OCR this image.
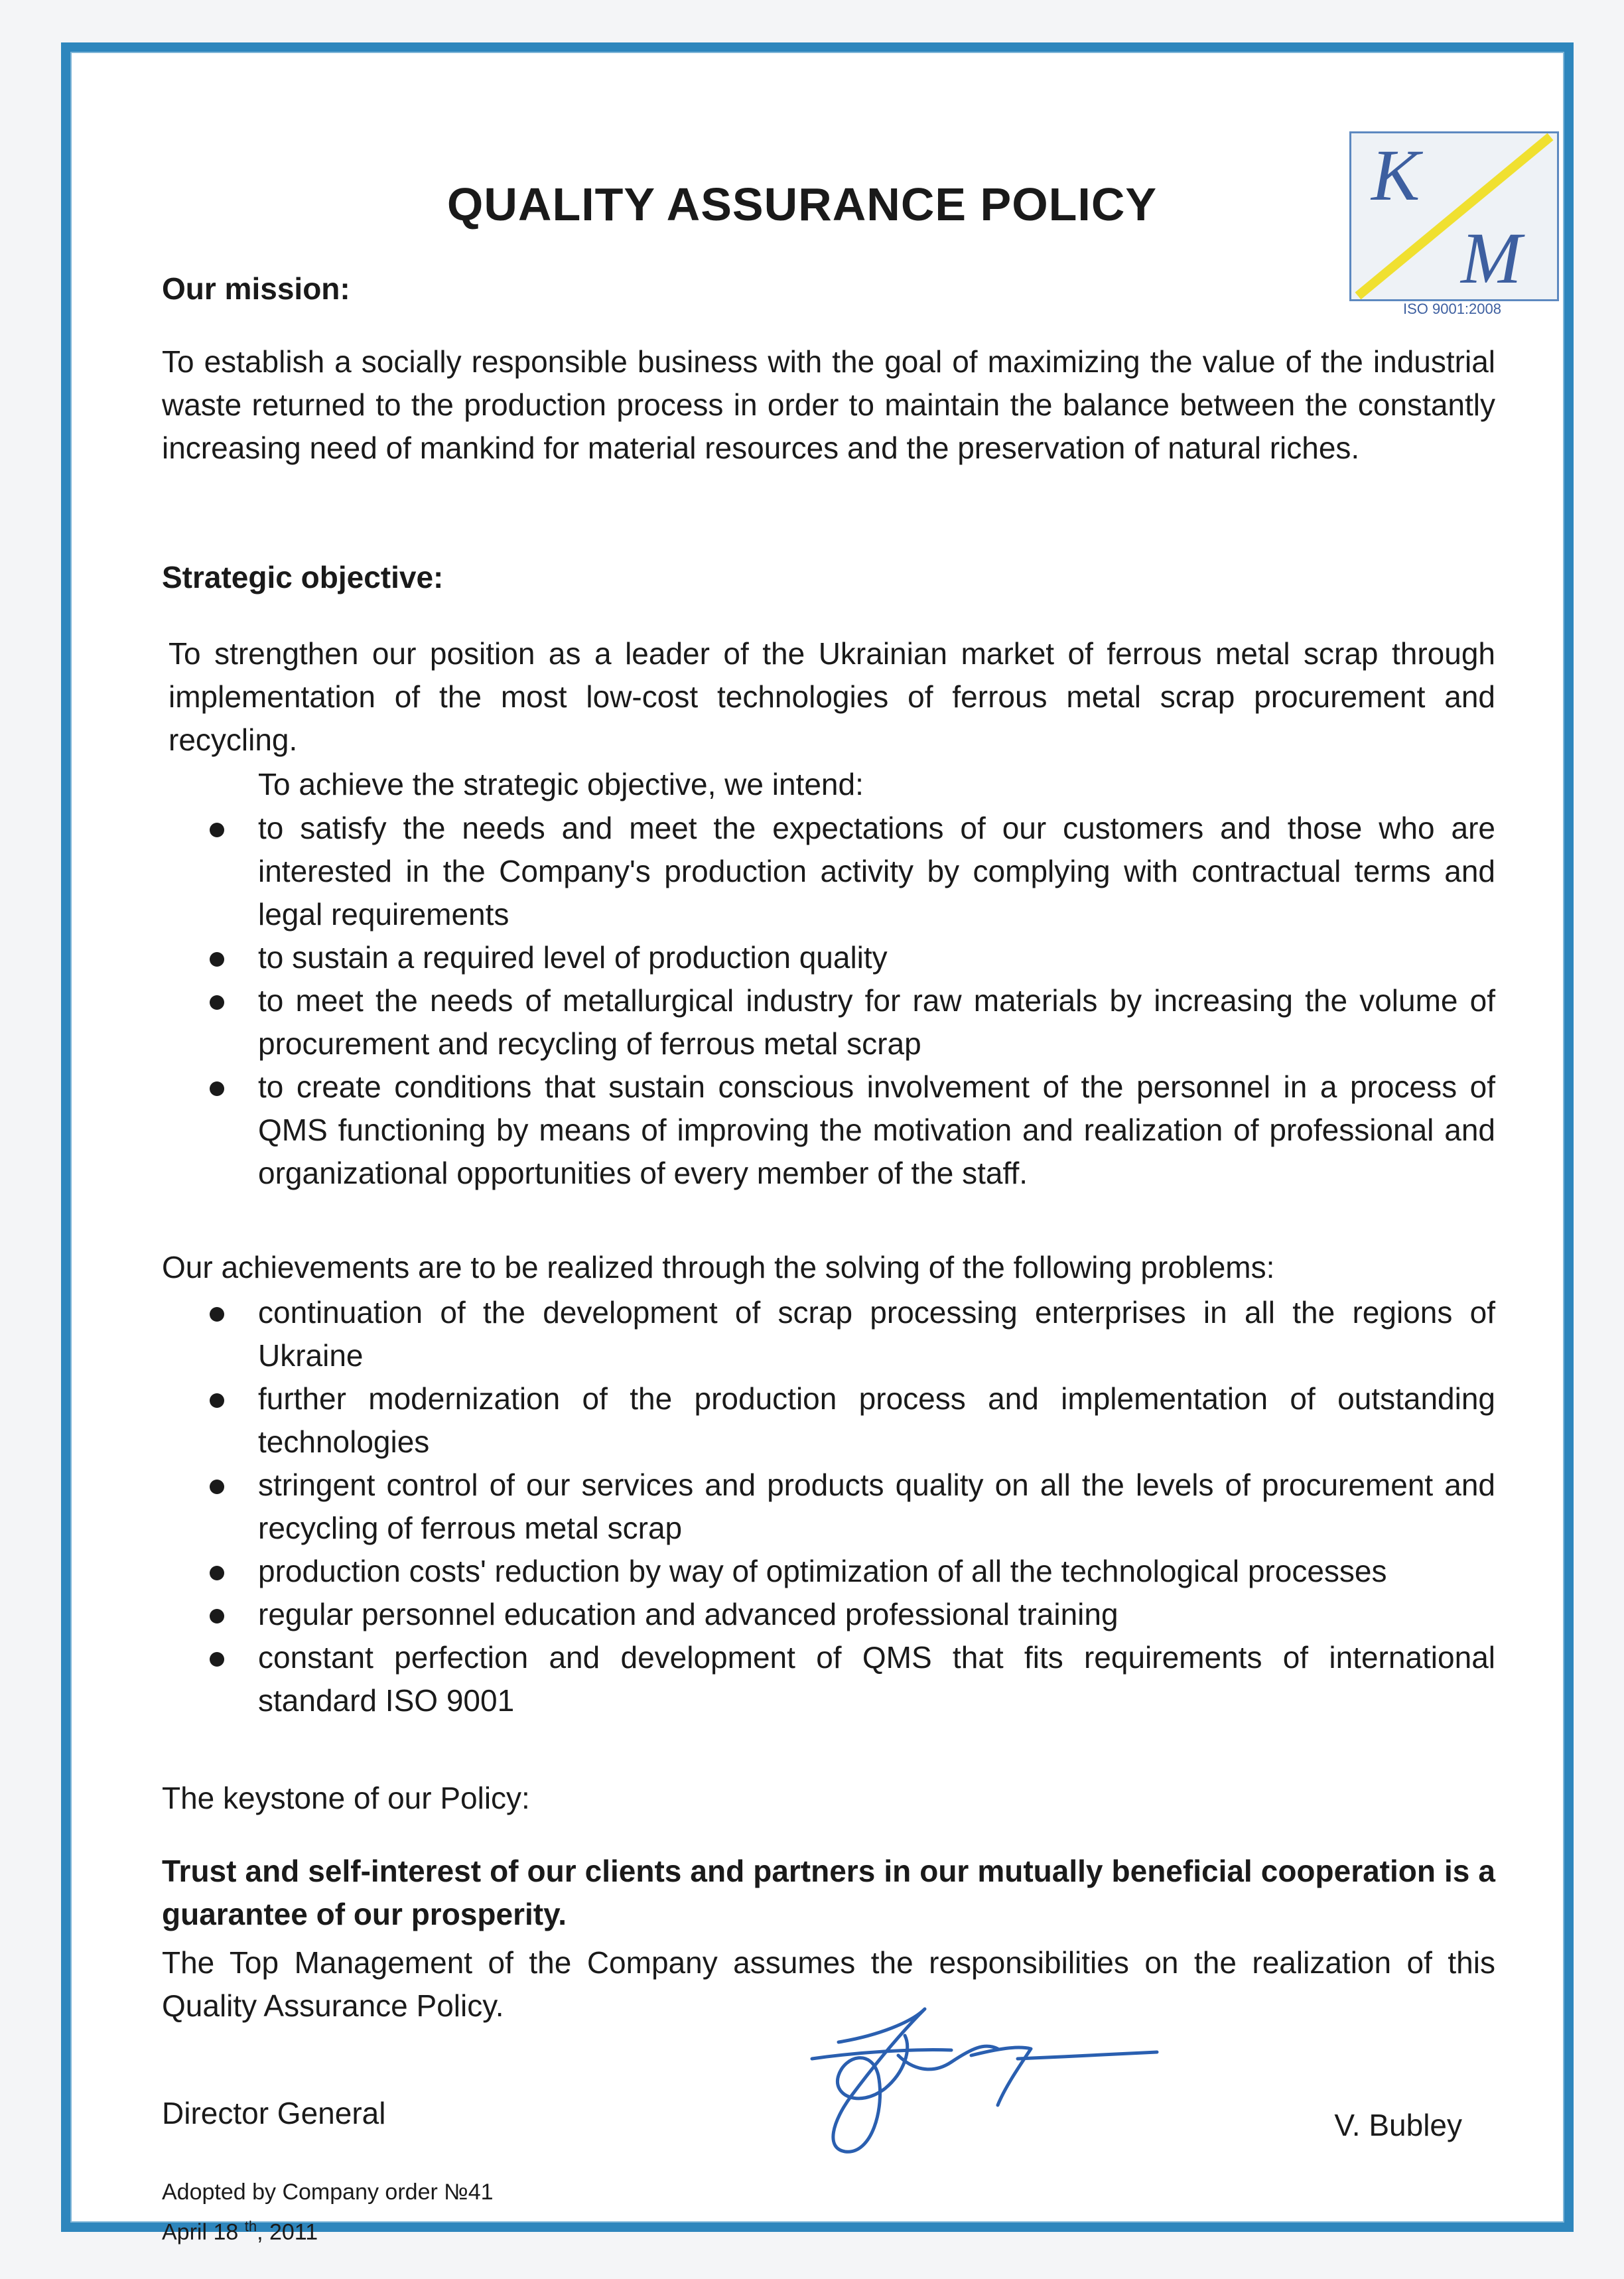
QUALITY ASSURANCE POLICY	K
M
ISO 9001:2008
Our mission:

To establish a socially responsible business with the goal of maximizing the value of the industrial waste returned to the production process in order to maintain the balance between the constantly increasing need of mankind for material resources and the preservation of natural riches.

Strategic objective:

To strengthen our position as a leader of the Ukrainian market of ferrous metal scrap through implementation of the most low-cost technologies of ferrous metal scrap procurement and recycling.

To achieve the strategic objective, we intend:

to satisfy the needs and meet the expectations of our customers and those who are interested in the Company's production activity by complying with contractual terms and legal requirements
to sustain a required level of production quality
to meet the needs of metallurgical industry for raw materials by increasing the volume of procurement and recycling of ferrous metal scrap
to create conditions that sustain conscious involvement of the personnel in a process of QMS functioning by means of improving the motivation and realization of professional and organizational opportunities of every member of the staff.

Our achievements are to be realized through the solving of the following problems:

continuation of the development of scrap processing enterprises in all the regions of Ukraine
further modernization of the production process and implementation of outstanding technologies
stringent control of our services and products quality on all the levels of procurement and recycling of ferrous metal scrap
production costs' reduction by way of optimization of all the technological processes
regular personnel education and advanced professional training
constant perfection and development of QMS that fits requirements of international standard ISO 9001

The keystone of our Policy:

Trust and self-interest of our clients and partners in our mutually beneficial cooperation is a guarantee of our prosperity.

The Top Management of the Company assumes the responsibilities on the realization of this Quality Assurance Policy.

Director General	V. Bubley
Adopted by Company order №41
April 18 $^{th}$, 2011
